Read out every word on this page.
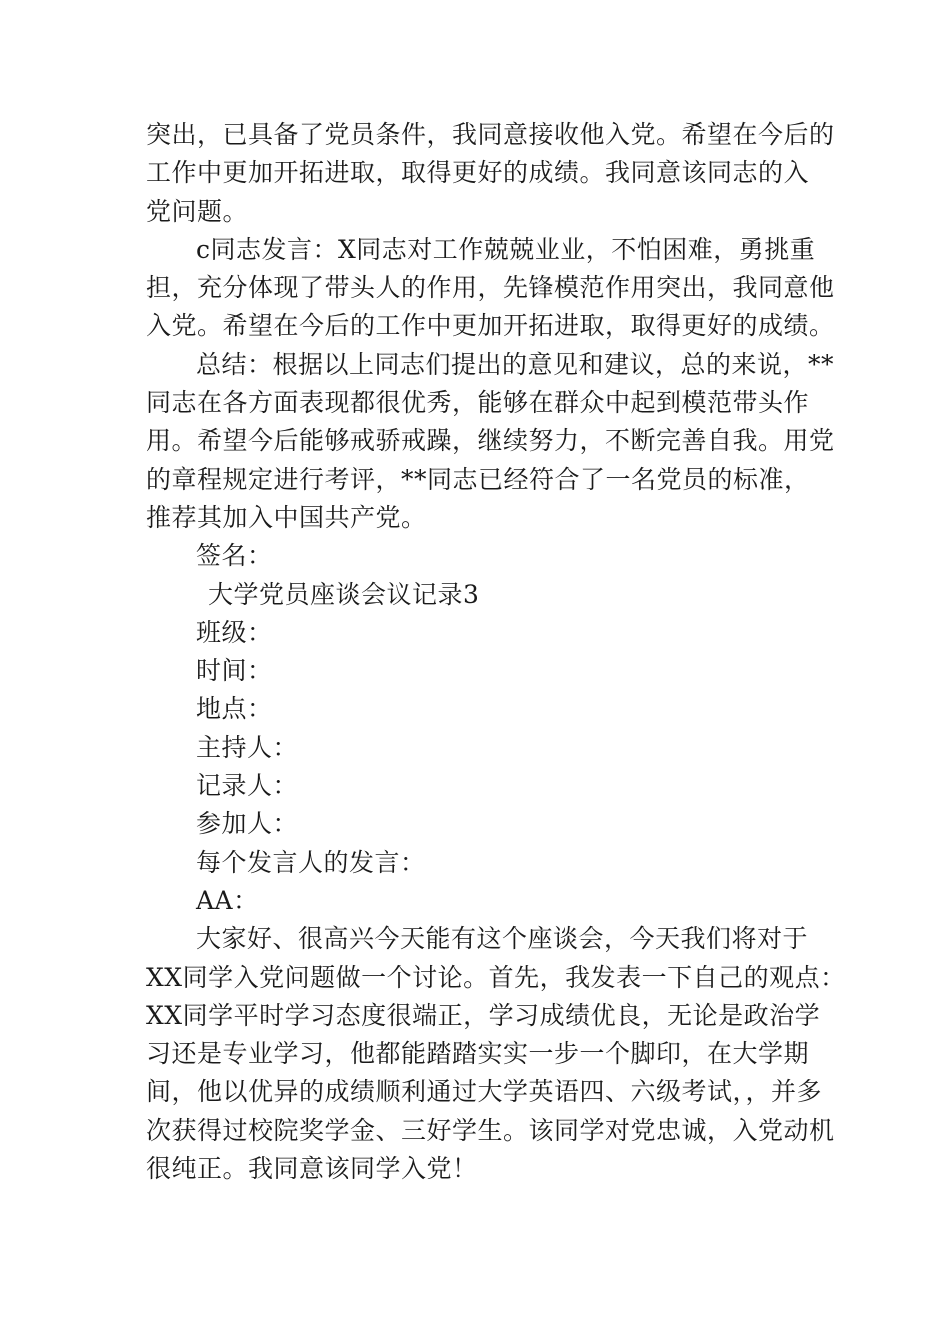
突出，已具备了党员条件，我同意接收他入党。希望在今后的
工作中更加开拓进取，取得更好的成绩。我同意该同志的入
党问题。
c同志发言：X同志对工作兢兢业业，不怕困难，勇挑重
担，充分体现了带头人的作用，先锋模范作用突出，我同意他
入党。希望在今后的工作中更加开拓进取，取得更好的成绩。
总结：根据以上同志们提出的意见和建议，总的来说，**
同志在各方面表现都很优秀，能够在群众中起到模范带头作
用。希望今后能够戒骄戒躁，继续努力，不断完善自我。用党
的章程规定进行考评，**同志已经符合了一名党员的标准，
推荐其加入中国共产党。
签名：
大学党员座谈会议记录3
班级：
时间：
地点：
主持人：
记录人：
参加人：
每个发言人的发言：
AA：
大家好、很高兴今天能有这个座谈会，今天我们将对于
XX同学入党问题做一个讨论。首先，我发表一下自己的观点：
XX同学平时学习态度很端正，学习成绩优良，无论是政治学
习还是专业学习，他都能踏踏实实一步一个脚印，在大学期
间，他以优异的成绩顺利通过大学英语四、六级考试，，并多
次获得过校院奖学金、三好学生。该同学对党忠诚，入党动机
很纯正。我同意该同学入党！
